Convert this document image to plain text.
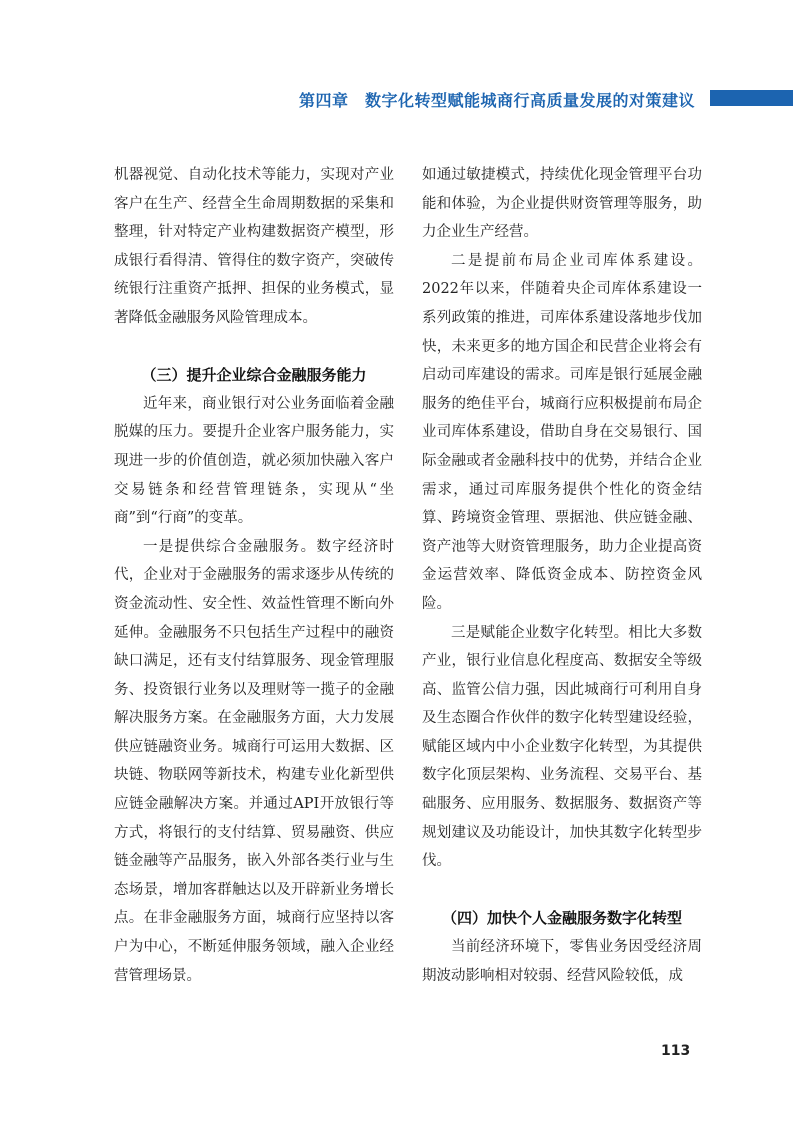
第四章　数字化转型赋能城商行高质量发展的对策建议

机器视觉、自动化技术等能力，实现对产业客户在生产、经营全生命周期数据的采集和整理，针对特定产业构建数据资产模型，形成银行看得清、管得住的数字资产，突破传统银行注重资产抵押、担保的业务模式，显著降低金融服务风险管理成本。

（三）提升企业综合金融服务能力

近年来，商业银行对公业务面临着金融脱媒的压力。要提升企业客户服务能力，实现进一步的价值创造，就必须加快融入客户交易链条和经营管理链条，实现从“坐商”到“行商”的变革。

一是提供综合金融服务。数字经济时代，企业对于金融服务的需求逐步从传统的资金流动性、安全性、效益性管理不断向外延伸。金融服务不只包括生产过程中的融资缺口满足，还有支付结算服务、现金管理服务、投资银行业务以及理财等一揽子的金融解决服务方案。在金融服务方面，大力发展供应链融资业务。城商行可运用大数据、区块链、物联网等新技术，构建专业化新型供应链金融解决方案。并通过API开放银行等方式，将银行的支付结算、贸易融资、供应链金融等产品服务，嵌入外部各类行业与生态场景，增加客群触达以及开辟新业务增长点。在非金融服务方面，城商行应坚持以客户为中心，不断延伸服务领域，融入企业经营管理场景。

如通过敏捷模式，持续优化现金管理平台功能和体验，为企业提供财资管理等服务，助力企业生产经营。

二是提前布局企业司库体系建设。2022年以来，伴随着央企司库体系建设一系列政策的推进，司库体系建设落地步伐加快，未来更多的地方国企和民营企业将会有启动司库建设的需求。司库是银行延展金融服务的绝佳平台，城商行应积极提前布局企业司库体系建设，借助自身在交易银行、国际金融或者金融科技中的优势，并结合企业需求，通过司库服务提供个性化的资金结算、跨境资金管理、票据池、供应链金融、资产池等大财资管理服务，助力企业提高资金运营效率、降低资金成本、防控资金风险。

三是赋能企业数字化转型。相比大多数产业，银行业信息化程度高、数据安全等级高、监管公信力强，因此城商行可利用自身及生态圈合作伙伴的数字化转型建设经验，赋能区域内中小企业数字化转型，为其提供数字化顶层架构、业务流程、交易平台、基础服务、应用服务、数据服务、数据资产等规划建议及功能设计，加快其数字化转型步伐。

（四）加快个人金融服务数字化转型

当前经济环境下，零售业务因受经济周期波动影响相对较弱、经营风险较低，成

113
